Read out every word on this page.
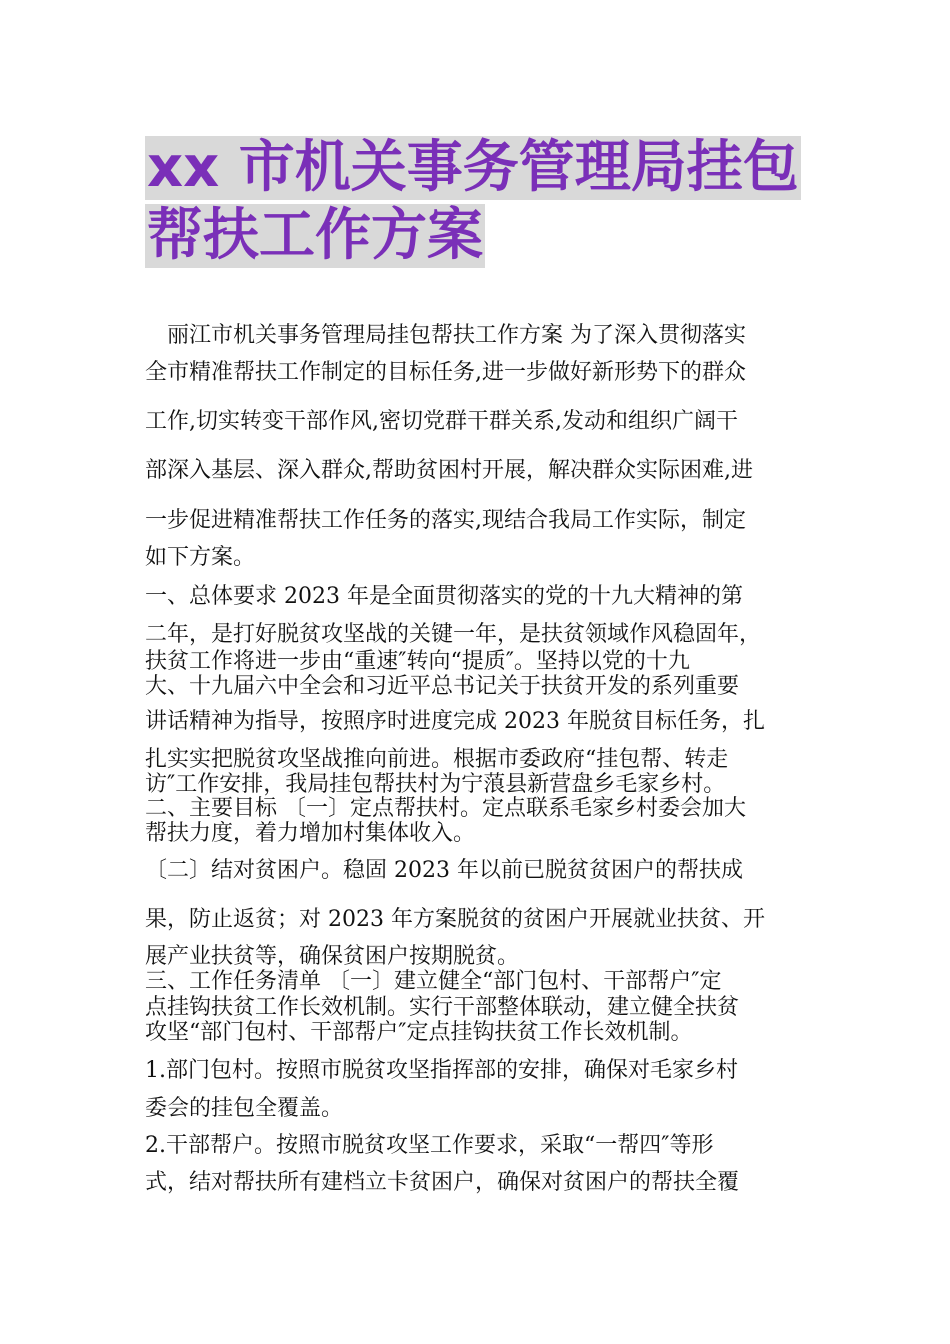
xx 市机关事务管理局挂包
帮扶工作方案
　丽江市机关事务管理局挂包帮扶工作方案 为了深入贯彻落实
全市精准帮扶工作制定的目标任务,进一步做好新形势下的群众
工作,切实转变干部作风,密切党群干群关系,发动和组织广阔干
部深入基层、深入群众,帮助贫困村开展，解决群众实际困难,进
一步促进精准帮扶工作任务的落实,现结合我局工作实际，制定
如下方案。
一、总体要求 2023 年是全面贯彻落实的党的十九大精神的第
二年，是打好脱贫攻坚战的关键一年，是扶贫领域作风稳固年，
扶贫工作将进一步由“重速″转向“提质″。坚持以党的十九
大、十九届六中全会和习近平总书记关于扶贫开发的系列重要
讲话精神为指导，按照序时进度完成 2023 年脱贫目标任务，扎
扎实实把脱贫攻坚战推向前进。根据市委政府“挂包帮、转走
访″工作安排，我局挂包帮扶村为宁蒗县新营盘乡毛家乡村。
二、主要目标 〔一〕定点帮扶村。定点联系毛家乡村委会加大
帮扶力度，着力增加村集体收入。
〔二〕结对贫困户。稳固 2023 年以前已脱贫贫困户的帮扶成
果，防止返贫；对 2023 年方案脱贫的贫困户开展就业扶贫、开
展产业扶贫等，确保贫困户按期脱贫。
三、工作任务清单 〔一〕建立健全“部门包村、干部帮户″定
点挂钩扶贫工作长效机制。实行干部整体联动，建立健全扶贫
攻坚“部门包村、干部帮户″定点挂钩扶贫工作长效机制。
1.部门包村。按照市脱贫攻坚指挥部的安排，确保对毛家乡村
委会的挂包全覆盖。
2.干部帮户。按照市脱贫攻坚工作要求，采取“一帮四″等形
式，结对帮扶所有建档立卡贫困户，确保对贫困户的帮扶全覆
